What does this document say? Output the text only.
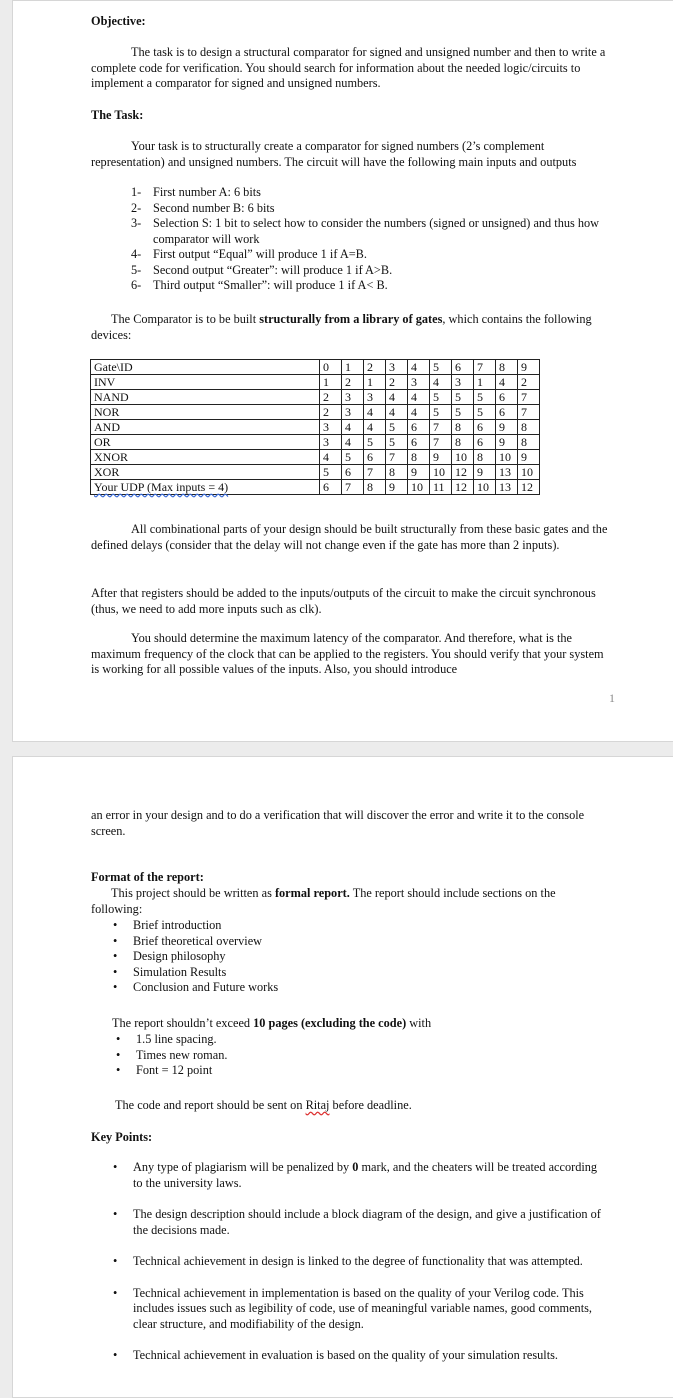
Objective:

The task is to design a structural comparator for signed and unsigned number and then to write a complete code for verification. You should search for information about the needed logic/circuits to implement a comparator for signed and unsigned numbers.

The Task:

Your task is to structurally create a comparator for signed numbers (2’s complement representation) and unsigned numbers. The circuit will have the following main inputs and outputs

1- First number A: 6 bits
2- Second number B: 6 bits
3- Selection S: 1 bit to select how to consider the numbers (signed or unsigned) and thus how comparator will work
4- First output “Equal” will produce 1 if A=B.
5- Second output “Greater”: will produce 1 if A>B.
6- Third output “Smaller”: will produce 1 if A< B.

The Comparator is to be built structurally from a library of gates, which contains the following devices:

Gate\ID	0	1	2	3	4	5	6	7	8	9
INV	1	2	1	2	3	4	3	1	4	2
NAND	2	3	3	4	4	5	5	5	6	7
NOR	2	3	4	4	4	5	5	5	6	7
AND	3	4	4	5	6	7	8	6	9	8
OR	3	4	5	5	6	7	8	6	9	8
XNOR	4	5	6	7	8	9	10	8	10	9
XOR	5	6	7	8	9	10	12	9	13	10
Your UDP (Max inputs = 4)	6	7	8	9	10	11	12	10	13	12

All combinational parts of your design should be built structurally from these basic gates and the defined delays (consider that the delay will not change even if the gate has more than 2 inputs).

After that registers should be added to the inputs/outputs of the circuit to make the circuit synchronous (thus, we need to add more inputs such as clk).

You should determine the maximum latency of the comparator. And therefore, what is the maximum frequency of the clock that can be applied to the registers. You should verify that your system is working for all possible values of the inputs. Also, you should introduce

1

an error in your design and to do a verification that will discover the error and write it to the console screen.

Format of the report:

This project should be written as formal report. The report should include sections on the following:

• Brief introduction
• Brief theoretical overview
• Design philosophy
• Simulation Results
• Conclusion and Future works

The report shouldn’t exceed 10 pages (excluding the code) with

• 1.5 line spacing.
• Times new roman.
• Font = 12 point

The code and report should be sent on Ritaj before deadline.

Key Points:

• Any type of plagiarism will be penalized by 0 mark, and the cheaters will be treated according to the university laws.
• The design description should include a block diagram of the design, and give a justification of the decisions made.
• Technical achievement in design is linked to the degree of functionality that was attempted.
• Technical achievement in implementation is based on the quality of your Verilog code. This includes issues such as legibility of code, use of meaningful variable names, good comments, clear structure, and modifiability of the design.
• Technical achievement in evaluation is based on the quality of your simulation results.
